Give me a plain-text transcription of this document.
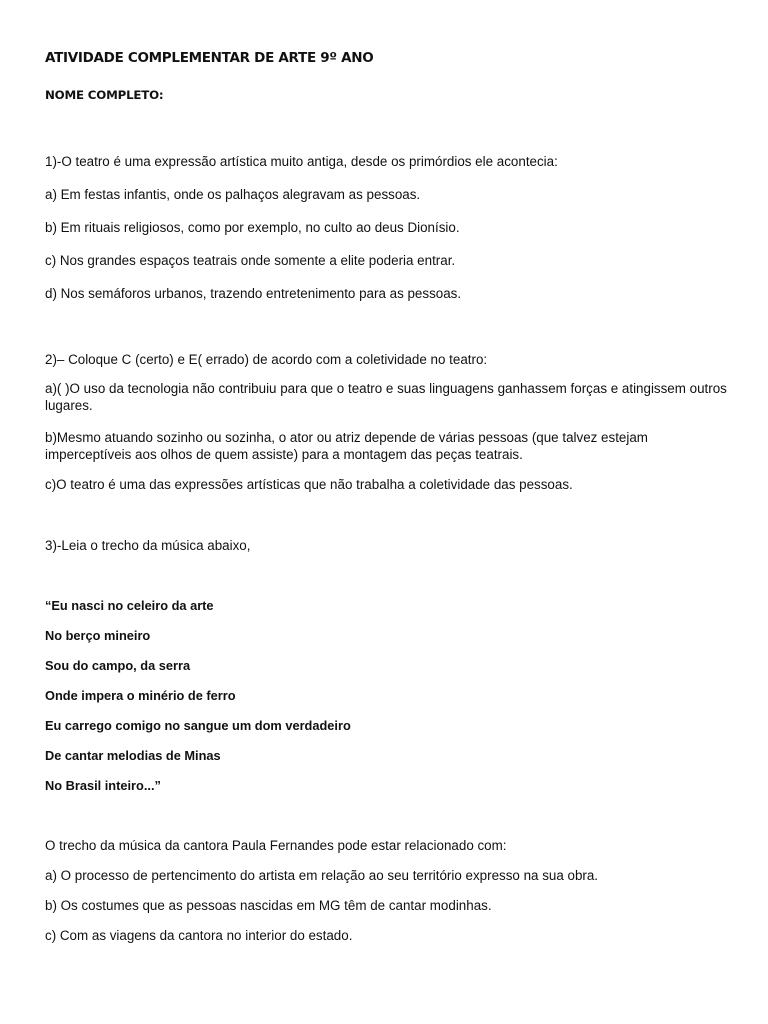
ATIVIDADE COMPLEMENTAR DE ARTE 9º ANO
NOME COMPLETO:
1)-O teatro é uma expressão artística muito antiga, desde os primórdios ele acontecia:
a) Em festas infantis, onde os palhaços alegravam as pessoas.
b) Em rituais religiosos, como por exemplo, no culto ao deus Dionísio.
c) Nos grandes espaços teatrais onde somente a elite poderia entrar.
d) Nos semáforos urbanos, trazendo entretenimento para as pessoas.
2)– Coloque C (certo) e E( errado) de acordo com a coletividade no teatro:
a)( )O uso da tecnologia não contribuiu para que o teatro e suas linguagens ganhassem forças e atingissem outros lugares.
b)Mesmo atuando sozinho ou sozinha, o ator ou atriz depende de várias pessoas (que talvez estejam imperceptíveis aos olhos de quem assiste) para a montagem das peças teatrais.
c)O teatro é uma das expressões artísticas que não trabalha a coletividade das pessoas.
3)-Leia o trecho da música abaixo,
“Eu nasci no celeiro da arte
No berço mineiro
Sou do campo, da serra
Onde impera o minério de ferro
Eu carrego comigo no sangue um dom verdadeiro
De cantar melodias de Minas
No Brasil inteiro...”
O trecho da música da cantora Paula Fernandes pode estar relacionado com:
a) O processo de pertencimento do artista em relação ao seu território expresso na sua obra.
b) Os costumes que as pessoas nascidas em MG têm de cantar modinhas.
c) Com as viagens da cantora no interior do estado.
